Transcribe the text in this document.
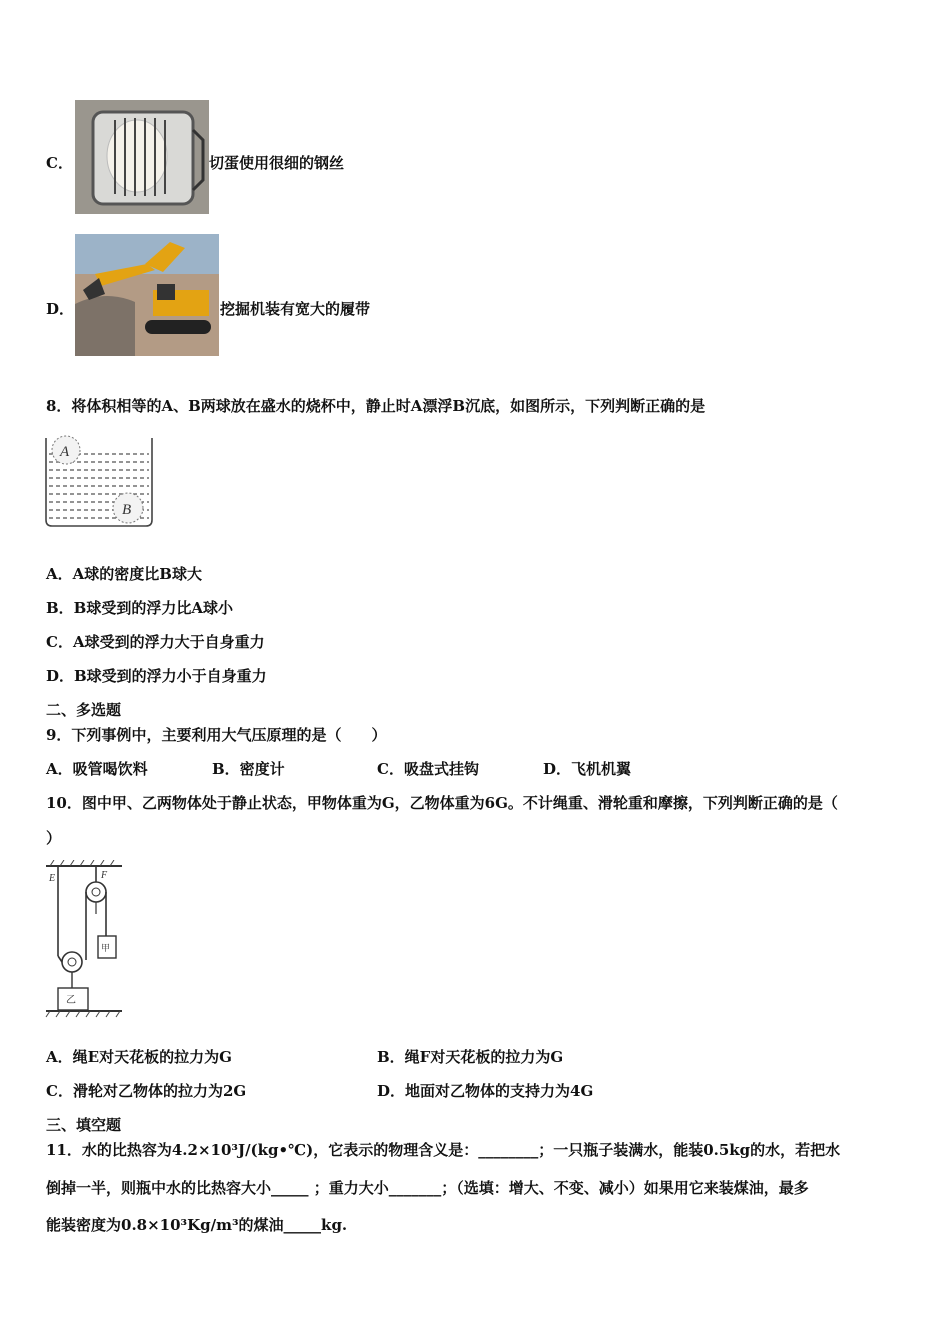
C．	切蛋使用很细的钢丝
D．	挖掘机装有宽大的履带
8．将体积相等的A、B两球放在盛水的烧杯中，静止时A漂浮B沉底，如图所示，下列判断正确的是
A
B
A．A球的密度比B球大
B．B球受到的浮力比A球小
C．A球受到的浮力大于自身重力
D．B球受到的浮力小于自身重力
二、多选题
9．下列事例中，主要利用大气压原理的是（　　）
A．吸管喝饮料	B．密度计	C．吸盘式挂钩	D．飞机机翼
10．图中甲、乙两物体处于静止状态，甲物体重为G，乙物体重为6G。不计绳重、滑轮重和摩擦，下列判断正确的是（
）
E	F
甲
乙
A．绳E对天花板的拉力为G	B．绳F对天花板的拉力为G
C．滑轮对乙物体的拉力为2G	D．地面对乙物体的支持力为4G
三、填空题
11．水的比热容为4.2×10³J/(kg•℃)，它表示的物理含义是：________；一只瓶子装满水，能装0.5kg的水，若把水
倒掉一半，则瓶中水的比热容大小_____ ；重力大小_______；（选填：增大、不变、减小）如果用它来装煤油，最多
能装密度为0.8×10³Kg/m³的煤油_____kg.
